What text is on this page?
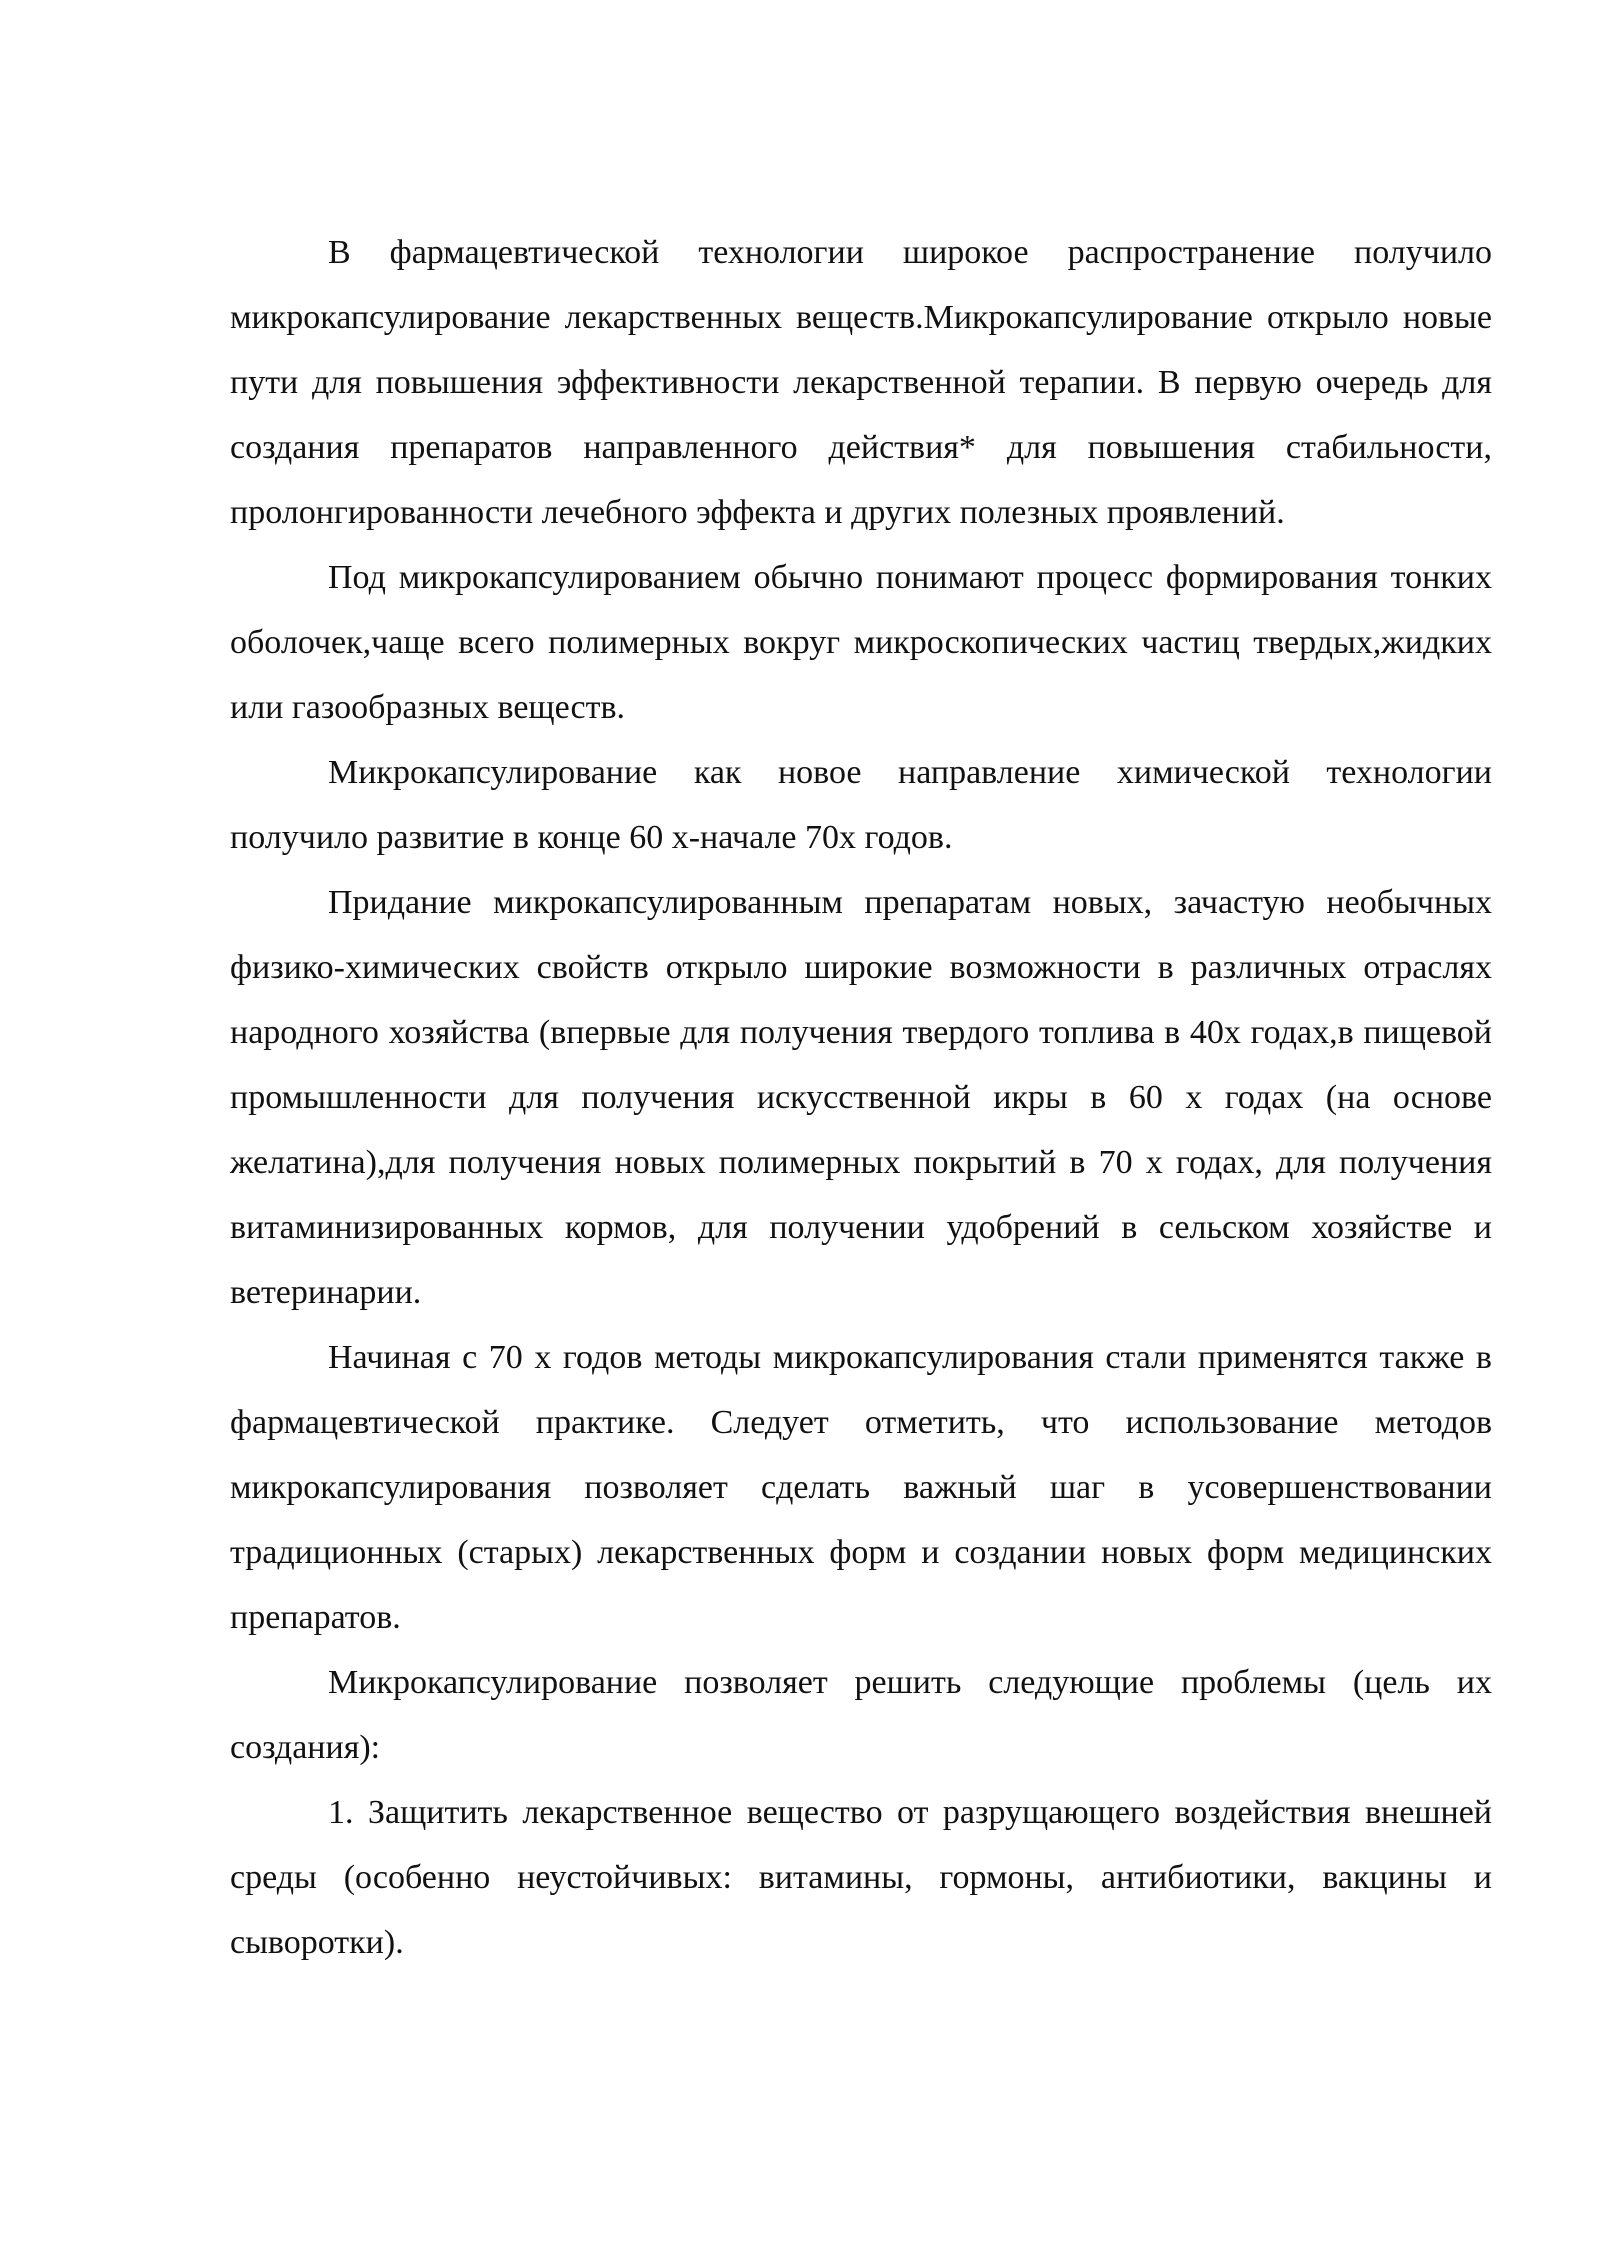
В фармацевтической технологии широкое распространение получило микрокапсулирование лекарственных веществ.Микрокапсулирование открыло новые пути для повышения эффективности лекарственной терапии. В первую очередь для создания препаратов направленного действия* для повышения стабильности, пролонгированности лечебного эффекта и других полезных проявлений.

Под микрокапсулированием обычно понимают процесс формирования тонких оболочек,чаще всего полимерных вокруг микроскопических частиц твердых,жидких или газообразных веществ.

Микрокапсулирование как новое направление химической технологии получило развитие в конце 60 х-начале 70х годов.

Придание микрокапсулированным препаратам новых, зачастую необычных физико-химических свойств открыло широкие возможности в различных отраслях народного хозяйства (впервые для получения твердого топлива в 40х годах,в пищевой промышленности для получения искусственной икры в 60 х годах (на основе желатина),для получения новых полимерных покрытий в 70 х годах, для получения витаминизированных кормов, для получении удобрений в сельском хозяйстве и ветеринарии.

Начиная с 70 х годов методы микрокапсулирования стали применятся также в фармацевтической практике. Следует отметить, что использование методов микрокапсулирования позволяет сделать важный шаг в усовершенствовании традиционных (старых) лекарственных форм и создании новых форм медицинских препаратов.

Микрокапсулирование позволяет решить следующие проблемы (цель их создания):

1. Защитить лекарственное вещество от разрущающего воздействия внешней среды (особенно неустойчивых: витамины, гормоны, антибиотики, вакцины и сыворотки).
